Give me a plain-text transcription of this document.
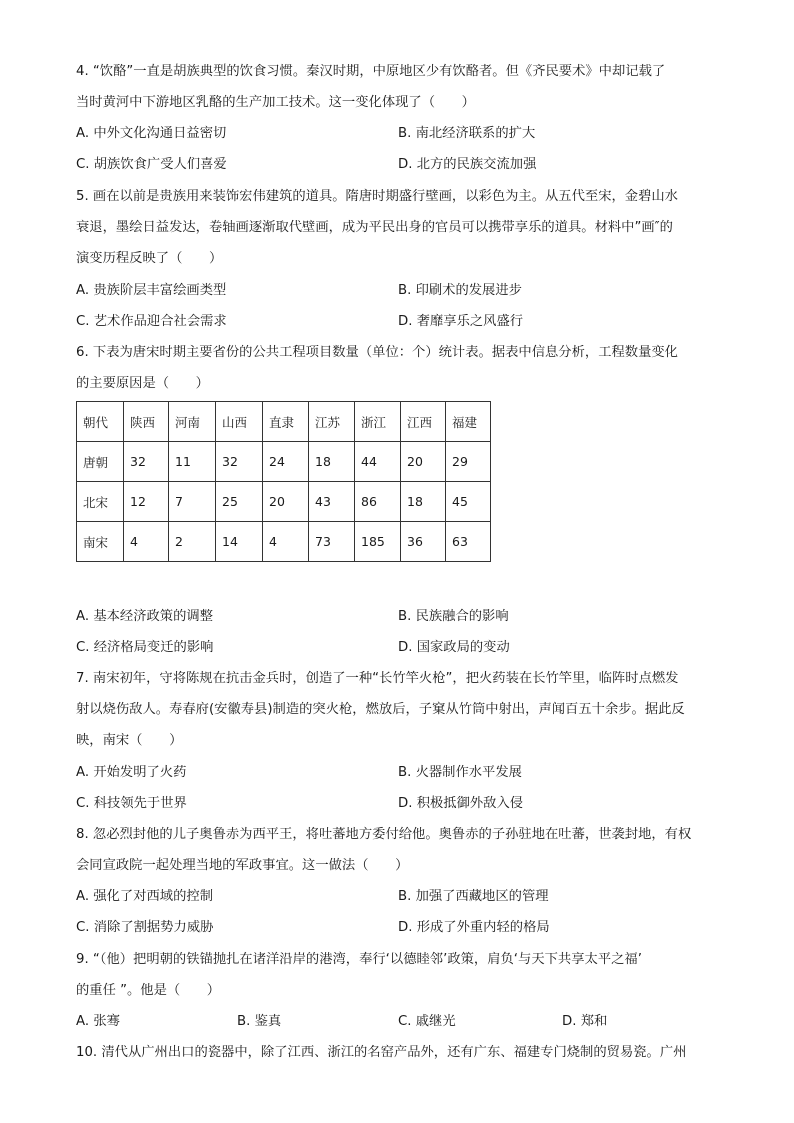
4. “饮酪”一直是胡族典型的饮食习惯。秦汉时期，中原地区少有饮酪者。但《齐民要术》中却记载了
当时黄河中下游地区乳酪的生产加工技术。这一变化体现了（　　）
A. 中外文化沟通日益密切	B. 南北经济联系的扩大
C. 胡族饮食广受人们喜爱	D. 北方的民族交流加强
5. 画在以前是贵族用来装饰宏伟建筑的道具。隋唐时期盛行壁画，以彩色为主。从五代至宋，金碧山水
衰退，墨绘日益发达，卷轴画逐渐取代壁画，成为平民出身的官员可以携带享乐的道具。材料中”画″的
演变历程反映了（　　）
A. 贵族阶层丰富绘画类型	B. 印刷术的发展进步
C. 艺术作品迎合社会需求	D. 奢靡享乐之风盛行
6. 下表为唐宋时期主要省份的公共工程项目数量（单位：个）统计表。据表中信息分析，工程数量变化
的主要原因是（　　）
朝代	陕西	河南	山西	直隶	江苏	浙江	江西	福建
唐朝	32	11	32	24	18	44	20	29
北宋	12	7	25	20	43	86	18	45
南宋	4	2	14	4	73	185	36	63
A. 基本经济政策的调整	B. 民族融合的影响
C. 经济格局变迁的影响	D. 国家政局的变动
7. 南宋初年，守将陈规在抗击金兵时，创造了一种“长竹竿火枪”，把火药装在长竹竿里，临阵时点燃发
射以烧伤敌人。寿春府(安徽寿县)制造的突火枪，燃放后，子窠从竹筒中射出，声闻百五十余步。据此反
映，南宋（　　）
A. 开始发明了火药	B. 火器制作水平发展
C. 科技领先于世界	D. 积极抵御外敌入侵
8. 忽必烈封他的儿子奥鲁赤为西平王，将吐蕃地方委付给他。奥鲁赤的子孙驻地在吐蕃，世袭封地，有权
会同宣政院一起处理当地的军政事宜。这一做法（　　）
A. 强化了对西域的控制	B. 加强了西藏地区的管理
C. 消除了割据势力威胁	D. 形成了外重内轻的格局
9. “（他）把明朝的铁锚抛扎在诸洋沿岸的港湾，奉行‘以德睦邻’政策，肩负‘与天下共享太平之福’
的重任 ”。他是（　　）
A. 张骞	B. 鉴真	C. 戚继光	D. 郑和
10. 清代从广州出口的瓷器中，除了江西、浙江的名窑产品外，还有广东、福建专门烧制的贸易瓷。广州
